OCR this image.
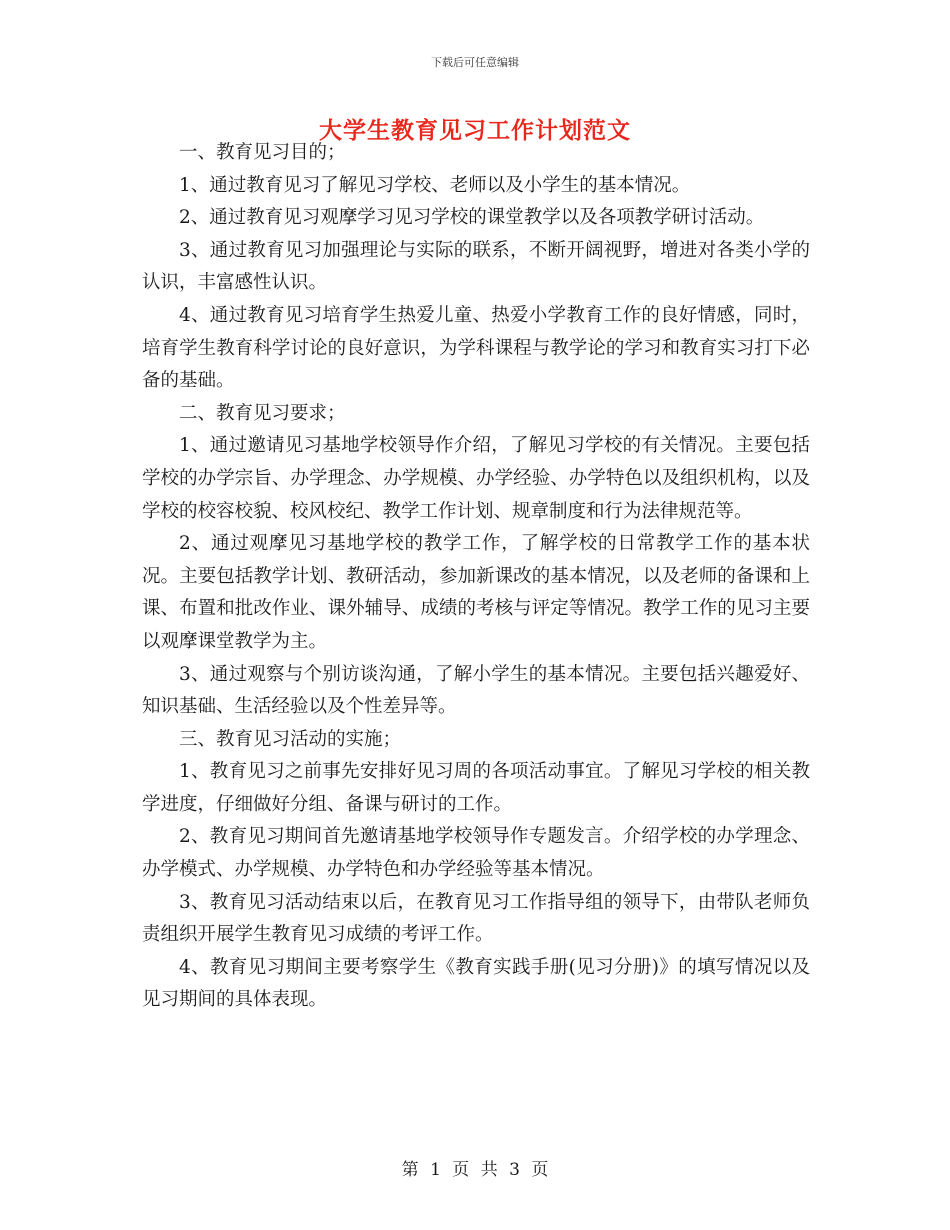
下载后可任意编辑
大学生教育见习工作计划范文

一、教育见习目的；

1、通过教育见习了解见习学校、老师以及小学生的基本情况。

2、通过教育见习观摩学习见习学校的课堂教学以及各项教学研讨活动。

3、通过教育见习加强理论与实际的联系，不断开阔视野，增进对各类小学的认识，丰富感性认识。

4、通过教育见习培育学生热爱儿童、热爱小学教育工作的良好情感，同时，培育学生教育科学讨论的良好意识，为学科课程与教学论的学习和教育实习打下必备的基础。

二、教育见习要求；

1、通过邀请见习基地学校领导作介绍，了解见习学校的有关情况。主要包括学校的办学宗旨、办学理念、办学规模、办学经验、办学特色以及组织机构，以及学校的校容校貌、校风校纪、教学工作计划、规章制度和行为法律规范等。

2、通过观摩见习基地学校的教学工作，了解学校的日常教学工作的基本状况。主要包括教学计划、教研活动，参加新课改的基本情况，以及老师的备课和上课、布置和批改作业、课外辅导、成绩的考核与评定等情况。教学工作的见习主要以观摩课堂教学为主。

3、通过观察与个别访谈沟通，了解小学生的基本情况。主要包括兴趣爱好、知识基础、生活经验以及个性差异等。

三、教育见习活动的实施；

1、教育见习之前事先安排好见习周的各项活动事宜。了解见习学校的相关教学进度，仔细做好分组、备课与研讨的工作。

2、教育见习期间首先邀请基地学校领导作专题发言。介绍学校的办学理念、办学模式、办学规模、办学特色和办学经验等基本情况。

3、教育见习活动结束以后，在教育见习工作指导组的领导下，由带队老师负责组织开展学生教育见习成绩的考评工作。

4、教育见习期间主要考察学生《教育实践手册(见习分册)》的填写情况以及见习期间的具体表现。

第 1 页 共 3 页
